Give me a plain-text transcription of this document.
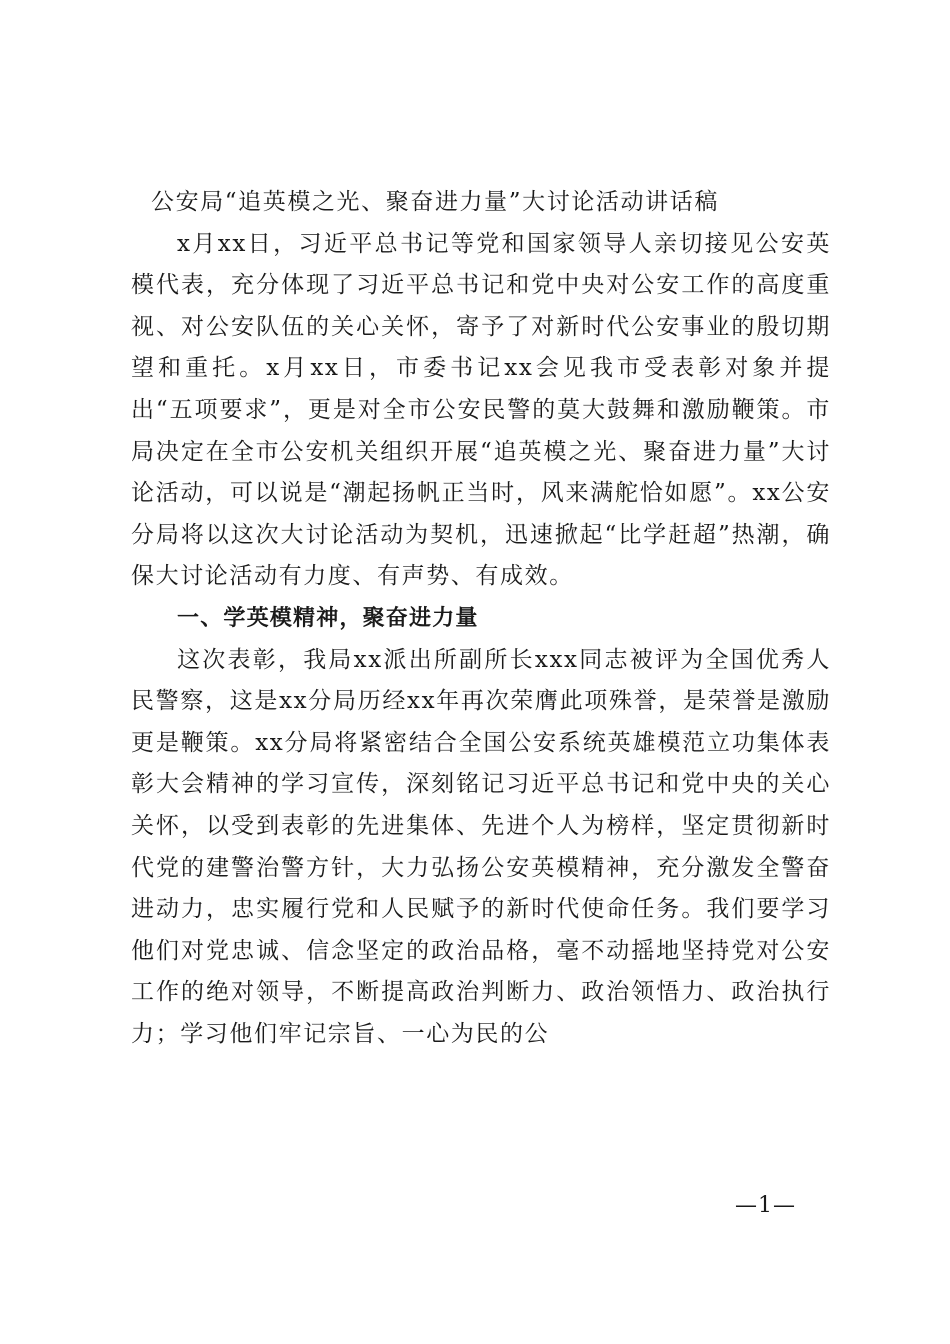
公安局“追英模之光、聚奋进力量”大讨论活动讲话稿

x月xx日，习近平总书记等党和国家领导人亲切接见公安英模代表，充分体现了习近平总书记和党中央对公安工作的高度重视、对公安队伍的关心关怀，寄予了对新时代公安事业的殷切期望和重托。x月xx日，市委书记xx会见我市受表彰对象并提出“五项要求”，更是对全市公安民警的莫大鼓舞和激励鞭策。市局决定在全市公安机关组织开展“追英模之光、聚奋进力量”大讨论活动，可以说是“潮起扬帆正当时，风来满舵恰如愿”。xx公安分局将以这次大讨论活动为契机，迅速掀起“比学赶超”热潮，确保大讨论活动有力度、有声势、有成效。

一、学英模精神，聚奋进力量

这次表彰，我局xx派出所副所长xxx同志被评为全国优秀人民警察，这是xx分局历经xx年再次荣膺此项殊誉，是荣誉是激励更是鞭策。xx分局将紧密结合全国公安系统英雄模范立功集体表彰大会精神的学习宣传，深刻铭记习近平总书记和党中央的关心关怀，以受到表彰的先进集体、先进个人为榜样，坚定贯彻新时代党的建警治警方针，大力弘扬公安英模精神，充分激发全警奋进动力，忠实履行党和人民赋予的新时代使命任务。我们要学习他们对党忠诚、信念坚定的政治品格，毫不动摇地坚持党对公安工作的绝对领导，不断提高政治判断力、政治领悟力、政治执行力；学习他们牢记宗旨、一心为民的公

—1—
